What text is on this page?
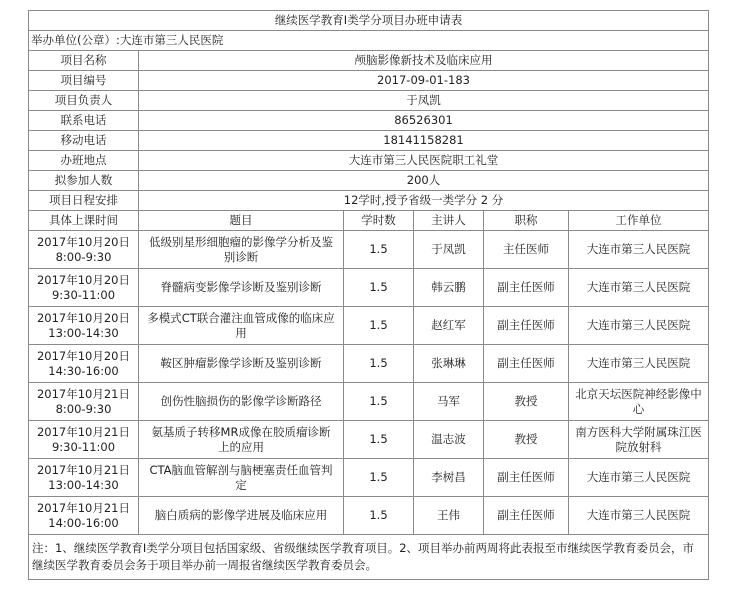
继续医学教育Ⅰ类学分项目办班申请表					
举办单位(公章）:大连市第三人民医院					
项目名称	颅脑影像新技术及临床应用				
项目编号	2017-09-01-183				
项目负责人	于凤凯				
联系电话	86526301				
移动电话	18141158281				
办班地点	大连市第三人民医院职工礼堂				
拟参加人数	200人				
项目日程安排	12学时,授予省级一类学分 2 分				
具体上课时间	题目	学时数	主讲人	职称	工作单位
2017年10月20日
8:00-9:30	低级别星形细胞瘤的影像学分析及鉴别诊断	1.5	于凤凯	主任医师	大连市第三人民医院
2017年10月20日
9:30-11:00	脊髓病变影像学诊断及鉴别诊断	1.5	韩云鹏	副主任医师	大连市第三人民医院
2017年10月20日
13:00-14:30	多模式CT联合灌注血管成像的临床应用	1.5	赵红军	副主任医师	大连市第三人民医院
2017年10月20日
14:30-16:00	鞍区肿瘤影像学诊断及鉴别诊断	1.5	张琳琳	副主任医师	大连市第三人民医院
2017年10月21日
8:00-9:30	创伤性脑损伤的影像学诊断路径	1.5	马军	教授	北京天坛医院神经影像中心
2017年10月21日
9:30-11:00	氨基质子转移MR成像在胶质瘤诊断上的应用	1.5	温志波	教授	南方医科大学附属珠江医院放射科
2017年10月21日
13:00-14:30	CTA脑血管解剖与脑梗塞责任血管判定	1.5	李树昌	副主任医师	大连市第三人民医院
2017年10月21日
14:00-16:00	脑白质病的影像学进展及临床应用	1.5	王伟	副主任医师	大连市第三人民医院
注：1、继续医学教育Ⅰ类学分项目包括国家级、省级继续医学教育项目。2、项目举办前两周将此表报至市继续医学教育委员会，市继续医学教育委员会务于项目举办前一周报省继续医学教育委员会。					
